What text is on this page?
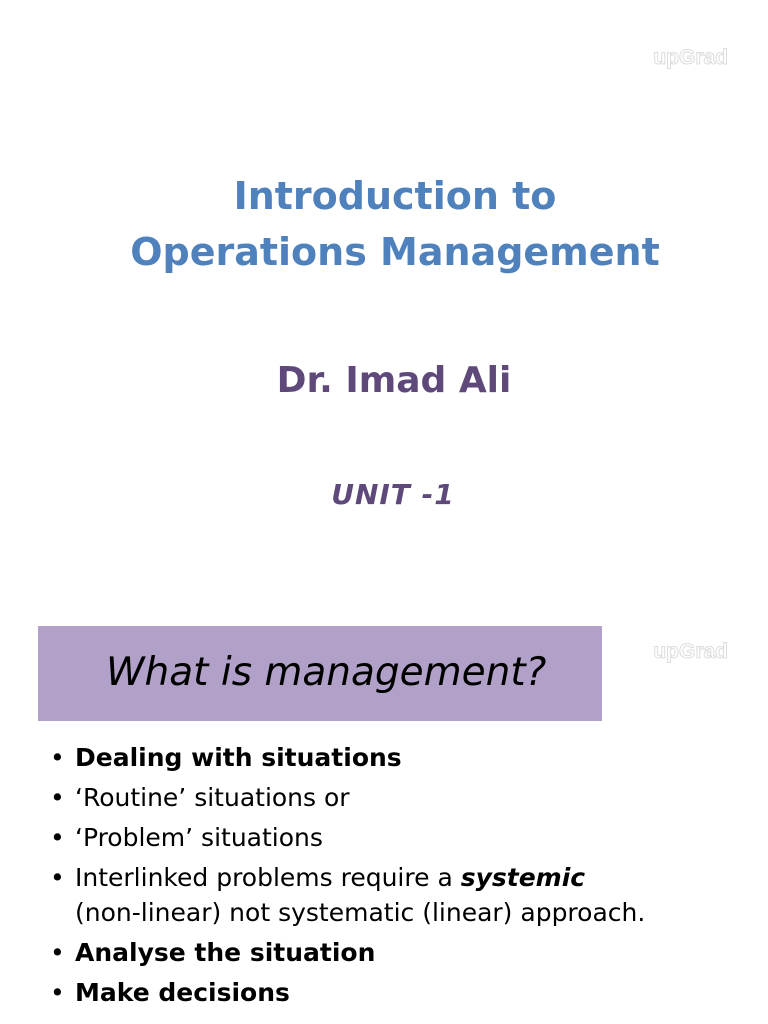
upGrad
Introduction to
Operations Management
Dr. Imad Ali
UNIT -1
upGrad
What is management?
• Dealing with situations
• ‘Routine’ situations or
• ‘Problem’ situations
• Interlinked problems require a systemic
(non-linear) not systematic (linear) approach.
• Analyse the situation
• Make decisions
